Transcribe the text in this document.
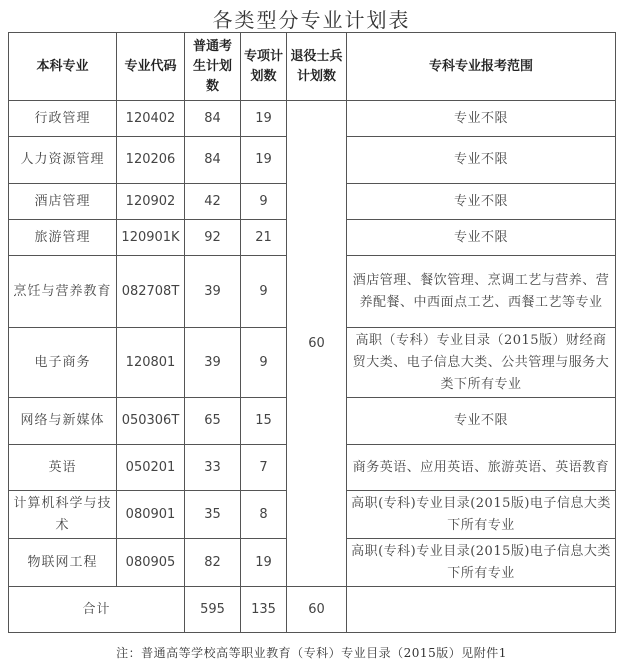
各类型分专业计划表
本科专业	专业代码	普通考生计划数	专项计划数	退役士兵计划数	专科专业报考范围
行政管理	120402	84	19	60	专业不限
人力资源管理	120206	84	19		专业不限
酒店管理	120902	42	9		专业不限
旅游管理	120901K	92	21		专业不限
烹饪与营养教育	082708T	39	9		酒店管理、餐饮管理、烹调工艺与营养、营养配餐、中西面点工艺、西餐工艺等专业
电子商务	120801	39	9		高职（专科）专业目录（2015版）财经商贸大类、电子信息大类、公共管理与服务大类下所有专业
网络与新媒体	050306T	65	15		专业不限
英语	050201	33	7		商务英语、应用英语、旅游英语、英语教育
计算机科学与技术	080901	35	8		高职(专科)专业目录(2015版)电子信息大类下所有专业
物联网工程	080905	82	19		高职(专科)专业目录(2015版)电子信息大类下所有专业
合计		595	135	60	
注：普通高等学校高等职业教育（专科）专业目录（2015版）见附件1
